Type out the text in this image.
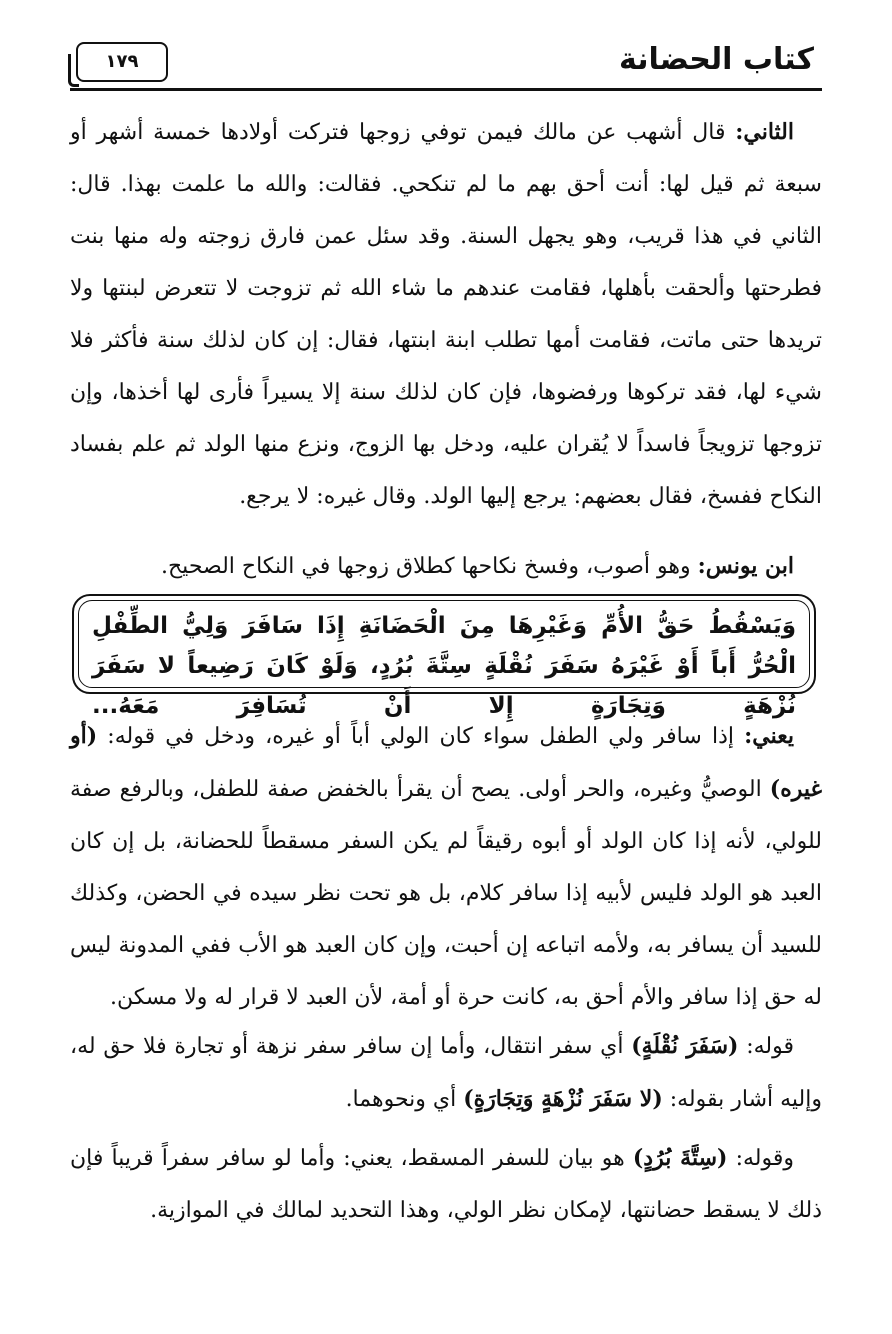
كتاب الحضانة
١٧٩

الثاني: قال أشهب عن مالك فيمن توفي زوجها فتركت أولادها خمسة أشهر أو سبعة ثم قيل لها: أنت أحق بهم ما لم تنكحي. فقالت: والله ما علمت بهذا. قال: الثاني في هذا قريب، وهو يجهل السنة. وقد سئل عمن فارق زوجته وله منها بنت فطرحتها وألحقت بأهلها، فقامت عندهم ما شاء الله ثم تزوجت لا تتعرض لبنتها ولا تريدها حتى ماتت، فقامت أمها تطلب ابنة ابنتها، فقال: إن كان لذلك سنة فأكثر فلا شيء لها، فقد تركوها ورفضوها، فإن كان لذلك سنة إلا يسيراً فأرى لها أخذها، وإن تزوجها تزويجاً فاسداً لا يُقران عليه، ودخل بها الزوج، ونزع منها الولد ثم علم بفساد النكاح ففسخ، فقال بعضهم: يرجع إليها الولد. وقال غيره: لا يرجع.

ابن يونس: وهو أصوب، وفسخ نكاحها كطلاق زوجها في النكاح الصحيح.

وَيَسْقُطُ حَقُّ الأُمِّ وَغَيْرِهَا مِنَ الْحَضَانَةِ إِذَا سَافَرَ وَلِيُّ الطِّفْلِ الْحُرُّ أَباً أَوْ غَيْرَهُ سَفَرَ نُقْلَةٍ سِتَّةَ بُرُدٍ، وَلَوْ كَانَ رَضِيعاً لا سَفَرَ نُزْهَةٍ وَتِجَارَةٍ إِلا أَنْ تُسَافِرَ مَعَهُ...

يعني: إذا سافر ولي الطفل سواء كان الولي أباً أو غيره، ودخل في قوله: (أو غيره) الوصيُّ وغيره، والحر أولى. يصح أن يقرأ بالخفض صفة للطفل، وبالرفع صفة للولي، لأنه إذا كان الولد أو أبوه رقيقاً لم يكن السفر مسقطاً للحضانة، بل إن كان العبد هو الولد فليس لأبيه إذا سافر كلام، بل هو تحت نظر سيده في الحضن، وكذلك للسيد أن يسافر به، ولأمه اتباعه إن أحبت، وإن كان العبد هو الأب ففي المدونة ليس له حق إذا سافر والأم أحق به، كانت حرة أو أمة، لأن العبد لا قرار له ولا مسكن.

قوله: (سَفَرَ نُقْلَةٍ) أي سفر انتقال، وأما إن سافر سفر نزهة أو تجارة فلا حق له، وإليه أشار بقوله: (لا سَفَرَ نُزْهَةٍ وَتِجَارَةٍ) أي ونحوهما.

وقوله: (سِتَّةَ بُرُدٍ) هو بيان للسفر المسقط، يعني: وأما لو سافر سفراً قريباً فإن ذلك لا يسقط حضانتها، لإمكان نظر الولي، وهذا التحديد لمالك في الموازية.
